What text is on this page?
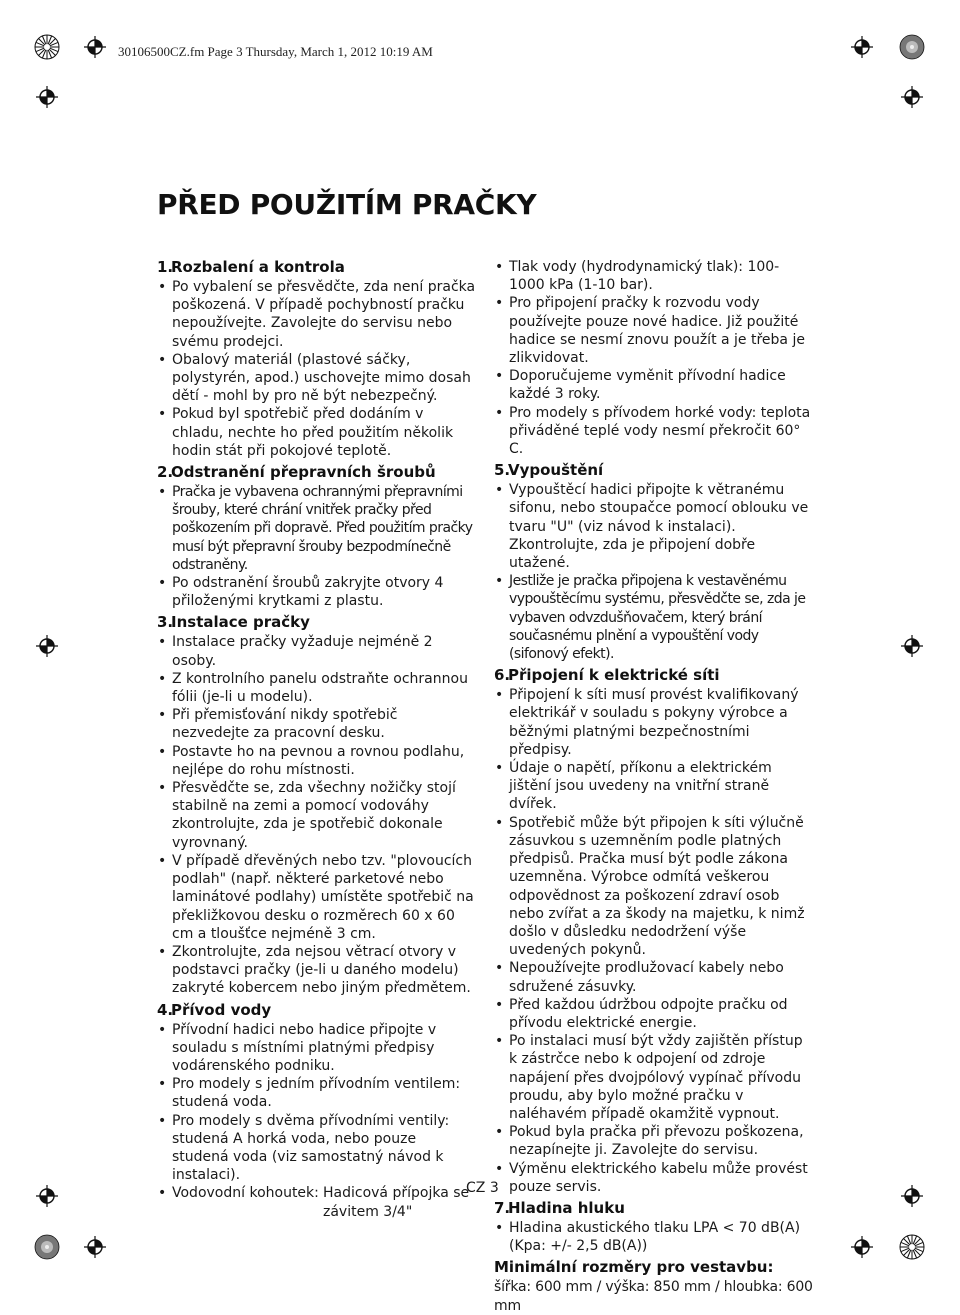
30106500CZ.fm Page 3 Thursday, March 1, 2012 10:19 AM
PŘED POUŽITÍM PRAČKY
1.
Rozbalení a kontrola
• Po vybalení se přesvědčte, zda není pračka poškozená. V případě pochybností pračku nepoužívejte. Zavolejte do servisu nebo svému prodejci.
• Obalový materiál (plastové sáčky, polystyrén, apod.) uschovejte mimo dosah dětí - mohl by pro ně být nebezpečný.
• Pokud byl spotřebič před dodáním v chladu, nechte ho před použitím několik hodin stát při pokojové teplotě.
2.
Odstranění přepravních šroubů
• Pračka je vybavena ochrannými přepravními šrouby, které chrání vnitřek pračky před poškozením při dopravě. Před použitím pračky musí být přepravní šrouby bezpodmínečně odstraněny.
• Po odstranění šroubů zakryjte otvory 4 přiloženými krytkami z plastu.
3.
Instalace pračky
• Instalace pračky vyžaduje nejméně 2 osoby.
• Z kontrolního panelu odstraňte ochrannou fólii (je-li u modelu).
• Při přemisťování nikdy spotřebič nezvedejte za pracovní desku.
• Postavte ho na pevnou a rovnou podlahu, nejlépe do rohu místnosti.
• Přesvědčte se, zda všechny nožičky stojí stabilně na zemi a pomocí vodováhy zkontrolujte, zda je spotřebič dokonale vyrovnaný.
• V případě dřevěných nebo tzv. "plovoucích podlah" (např. některé parketové nebo laminátové podlahy) umístěte spotřebič na překližkovou desku o rozměrech 60 x 60 cm a tloušťce nejméně 3 cm.
• Zkontrolujte, zda nejsou větrací otvory v podstavci pračky (je-li u daného modelu) zakryté kobercem nebo jiným předmětem.
4.
Přívod vody
• Přívodní hadici nebo hadice připojte v souladu s místními platnými předpisy vodárenského podniku.
• Pro modely s jedním přívodním ventilem: studená voda.
• Pro modely s dvěma přívodními ventily: studená A horká voda, nebo pouze studená voda (viz samostatný návod k instalaci).
• Vodovodní kohoutek: Hadicová přípojka se
závitem 3/4"
• Tlak vody (hydrodynamický tlak): 100-1000 kPa (1-10 bar).
• Pro připojení pračky k rozvodu vody používejte pouze nové hadice. Již použité hadice se nesmí znovu použít a je třeba je zlikvidovat.
• Doporučujeme vyměnit přívodní hadice každé 3 roky.
• Pro modely s přívodem horké vody: teplota přiváděné teplé vody nesmí překročit 60° C.
5.
Vypouštění
• Vypouštěcí hadici připojte k větranému sifonu, nebo stoupačce pomocí oblouku ve tvaru "U" (viz návod k instalaci). Zkontrolujte, zda je připojení dobře utažené.
• Jestliže je pračka připojena k vestavěnému vypouštěcímu systému, přesvědčte se, zda je vybaven odvzdušňovačem, který brání současnému plnění a vypouštění vody (sifonový efekt).
6.
Připojení k elektrické síti
• Připojení k síti musí provést kvalifikovaný elektrikář v souladu s pokyny výrobce a běžnými platnými bezpečnostními předpisy.
• Údaje o napětí, příkonu a elektrickém jištění jsou uvedeny na vnitřní straně dvířek.
• Spotřebič může být připojen k síti výlučně zásuvkou s uzemněním podle platných předpisů. Pračka musí být podle zákona uzemněna. Výrobce odmítá veškerou odpovědnost za poškození zdraví osob nebo zvířat a za škody na majetku, k nimž došlo v důsledku nedodržení výše uvedených pokynů.
• Nepoužívejte prodlužovací kabely nebo sdružené zásuvky.
• Před každou údržbou odpojte pračku od přívodu elektrické energie.
• Po instalaci musí být vždy zajištěn přístup k zástrčce nebo k odpojení od zdroje napájení přes dvojpólový vypínač přívodu proudu, aby bylo možné pračku v naléhavém případě okamžitě vypnout.
• Pokud byla pračka při převozu poškozena, nezapínejte ji. Zavolejte do servisu.
• Výměnu elektrického kabelu může provést pouze servis.
7.
Hladina hluku
• Hladina akustického tlaku LPA < 70 dB(A) (Kpa: +/- 2,5 dB(A))
Minimální rozměry pro vestavbu:

šířka: 600 mm / výška: 850 mm / hloubka: 600 mm

CZ 3
